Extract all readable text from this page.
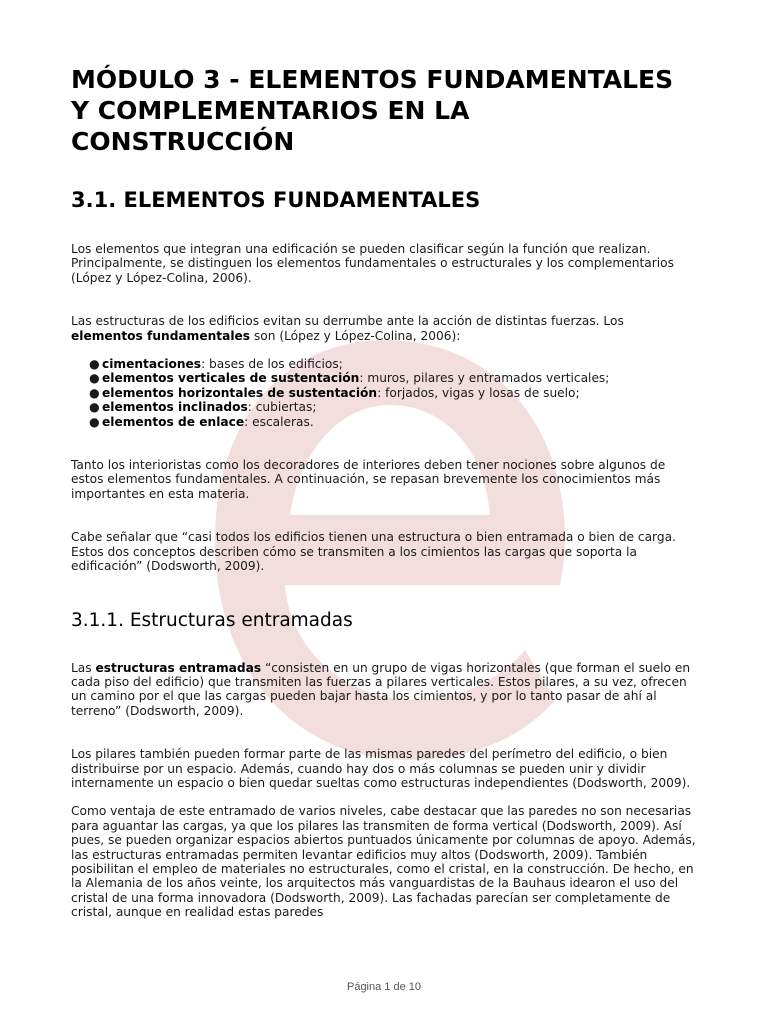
MÓDULO 3 - ELEMENTOS FUNDAMENTALES Y COMPLEMENTARIOS EN LA CONSTRUCCIÓN
3.1. ELEMENTOS FUNDAMENTALES

Los elementos que integran una edificación se pueden clasificar según la función que realizan. Principalmente, se distinguen los elementos fundamentales o estructurales y los complementarios (López y López-Colina, 2006).

Las estructuras de los edificios evitan su derrumbe ante la acción de distintas fuerzas. Los elementos fundamentales son (López y López-Colina, 2006):

● cimentaciones: bases de los edificios;
● elementos verticales de sustentación: muros, pilares y entramados verticales;
● elementos horizontales de sustentación: forjados, vigas y losas de suelo;
● elementos inclinados: cubiertas;
● elementos de enlace: escaleras.

Tanto los interioristas como los decoradores de interiores deben tener nociones sobre algunos de estos elementos fundamentales. A continuación, se repasan brevemente los conocimientos más importantes en esta materia.

Cabe señalar que “casi todos los edificios tienen una estructura o bien entramada o bien de carga. Estos dos conceptos describen cómo se transmiten a los cimientos las cargas que soporta la edificación” (Dodsworth, 2009).

3.1.1. Estructuras entramadas

Las estructuras entramadas “consisten en un grupo de vigas horizontales (que forman el suelo en cada piso del edificio) que transmiten las fuerzas a pilares verticales. Estos pilares, a su vez, ofrecen un camino por el que las cargas pueden bajar hasta los cimientos, y por lo tanto pasar de ahí al terreno” (Dodsworth, 2009).

Los pilares también pueden formar parte de las mismas paredes del perímetro del edificio, o bien distribuirse por un espacio. Además, cuando hay dos o más columnas se pueden unir y dividir internamente un espacio o bien quedar sueltas como estructuras independientes (Dodsworth, 2009).

Como ventaja de este entramado de varios niveles, cabe destacar que las paredes no son necesarias para aguantar las cargas, ya que los pilares las transmiten de forma vertical (Dodsworth, 2009). Así pues, se pueden organizar espacios abiertos puntuados únicamente por columnas de apoyo. Además, las estructuras entramadas permiten levantar edificios muy altos (Dodsworth, 2009). También posibilitan el empleo de materiales no estructurales, como el cristal, en la construcción. De hecho, en la Alemania de los años veinte, los arquitectos más vanguardistas de la Bauhaus idearon el uso del cristal de una forma innovadora (Dodsworth, 2009). Las fachadas parecían ser completamente de cristal, aunque en realidad estas paredes

Página 1 de 10
